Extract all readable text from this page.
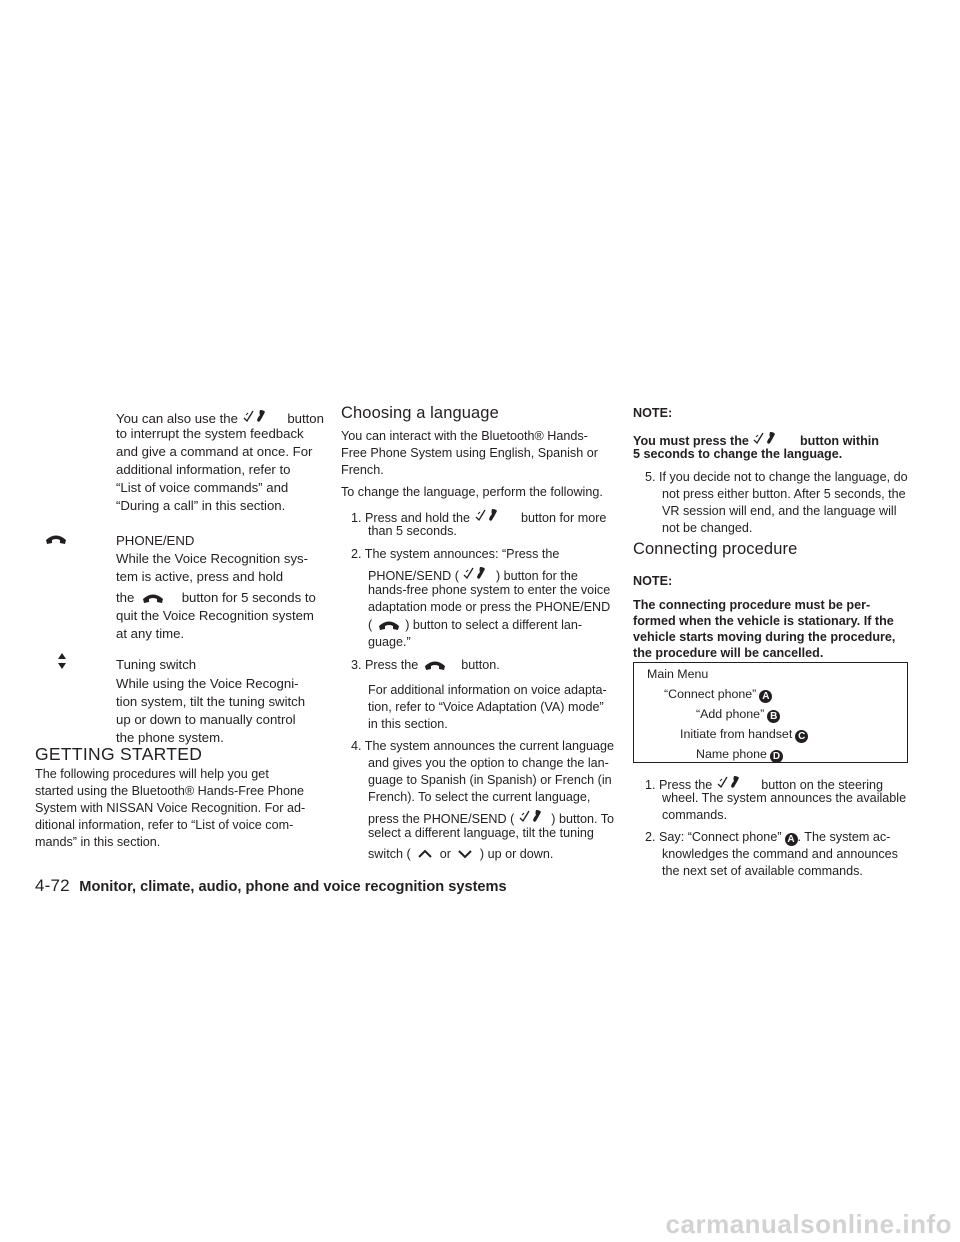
You can also use the	button
to interrupt the system feedback
and give a command at once. For
additional information, refer to
“List of voice commands” and
“During a call” in this section.
PHONE/END
While the Voice Recognition sys-
tem is active, press and hold
the	button for 5 seconds to
quit the Voice Recognition system
at any time.
Tuning switch
While using the Voice Recogni-
tion system, tilt the tuning switch
up or down to manually control
the phone system.
GETTING STARTED
The following procedures will help you get
started using the Bluetooth® Hands-Free Phone
System with NISSAN Voice Recognition. For ad-
ditional information, refer to “List of voice com-
mands” in this section.
Choosing a language
You can interact with the Bluetooth® Hands-
Free Phone System using English, Spanish or
French.
To change the language, perform the following.
1. Press and hold the	button for more
than 5 seconds.
2. The system announces: “Press the
PHONE/SEND (	) button for the
hands-free phone system to enter the voice
adaptation mode or press the PHONE/END
(	) button to select a different lan-
guage.”
3. Press the	button.
For additional information on voice adapta-
tion, refer to “Voice Adaptation (VA) mode”
in this section.
4. The system announces the current language
and gives you the option to change the lan-
guage to Spanish (in Spanish) or French (in
French). To select the current language,
press the PHONE/SEND (	) button. To
select a different language, tilt the tuning
switch ( or ) up or down.
NOTE:
You must press the	button within
5 seconds to change the language.
5. If you decide not to change the language, do
not press either button. After 5 seconds, the
VR session will end, and the language will
not be changed.
Connecting procedure
NOTE:
The connecting procedure must be per-
formed when the vehicle is stationary. If the
vehicle starts moving during the procedure,
the procedure will be cancelled.
Main Menu
“Connect phone” A
“Add phone” B
Initiate from handset C
Name phone D
1. Press the	button on the steering
wheel. The system announces the available
commands.
2. Say: “Connect phone” A . The system ac-
knowledges the command and announces
the next set of available commands.
4-72 Monitor, climate, audio, phone and voice recognition systems
carmanualsonline.info
